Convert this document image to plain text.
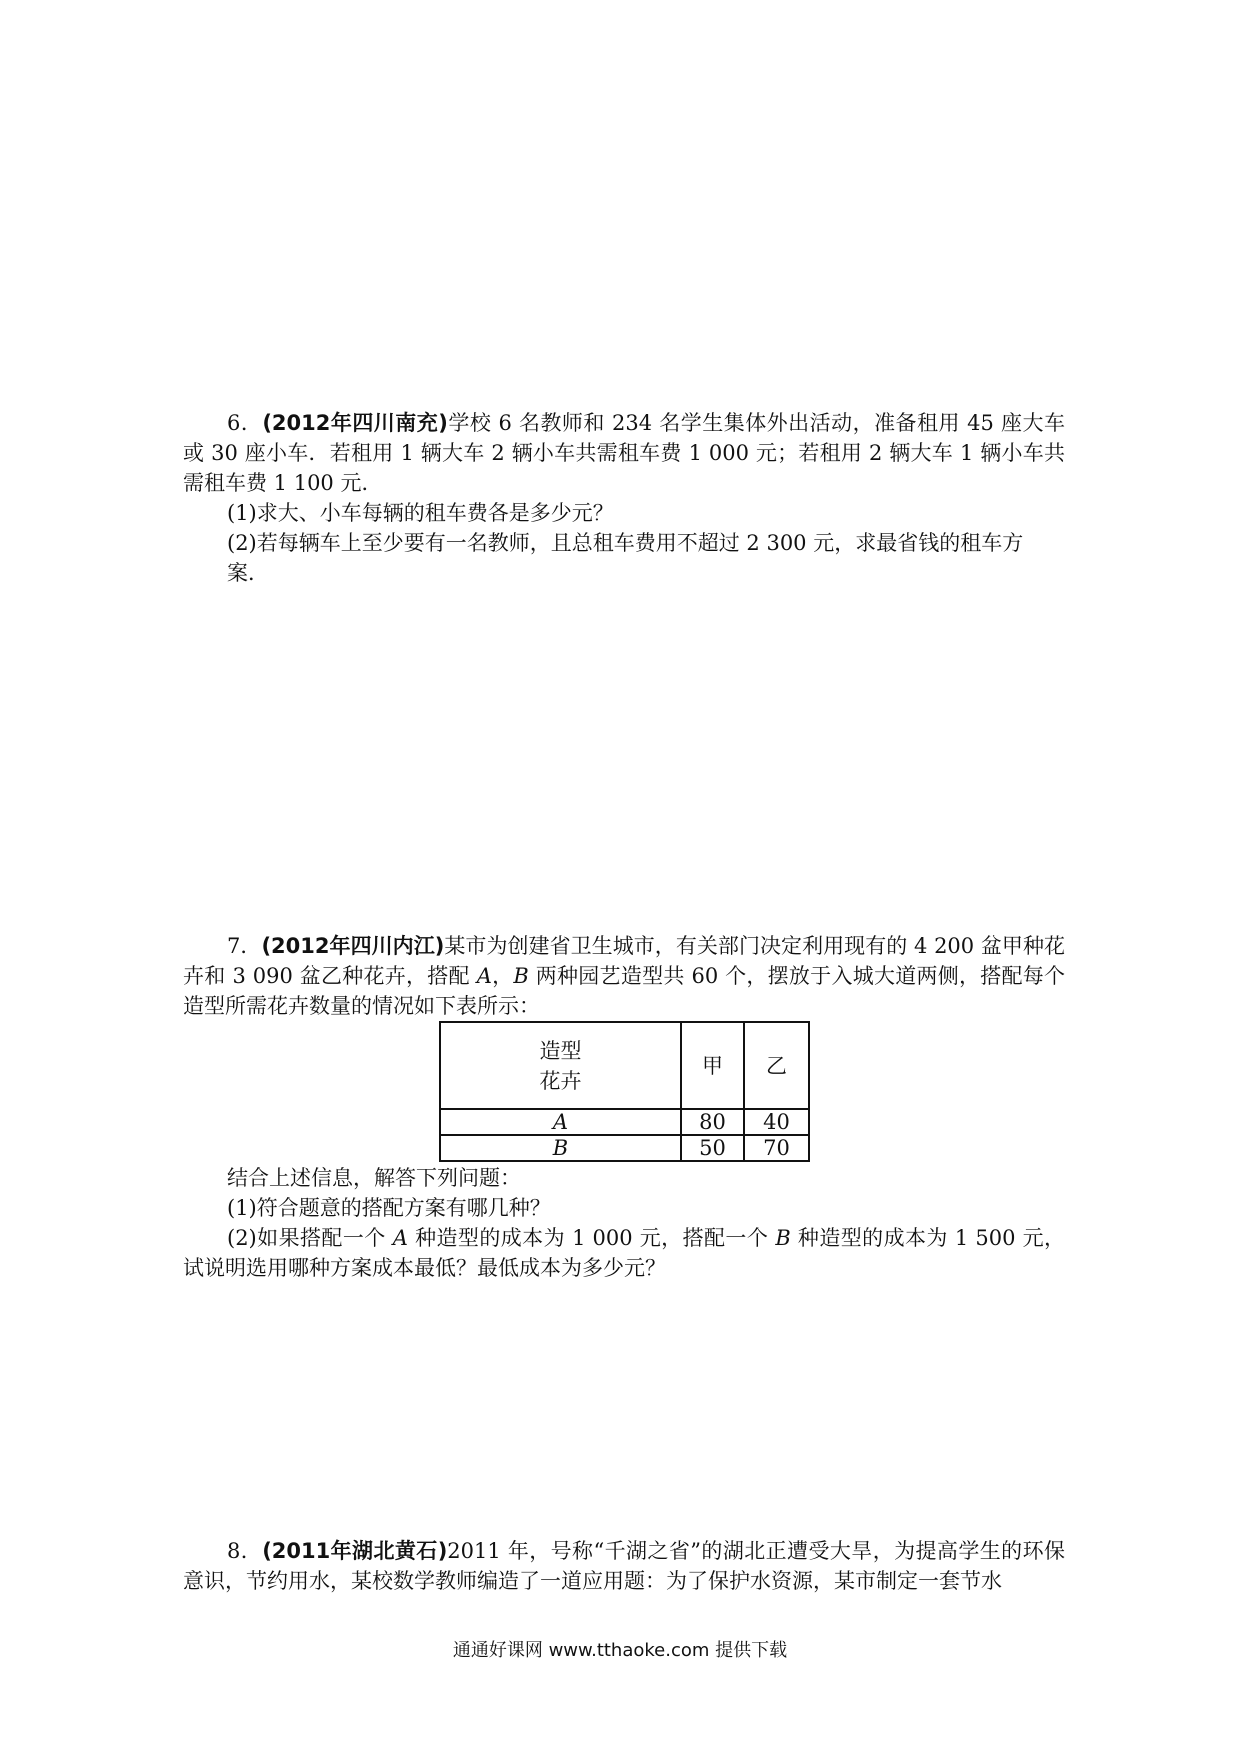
6．(2012年四川南充)学校 6 名教师和 234 名学生集体外出活动，准备租用 45 座大车或 30 座小车．若租用 1 辆大车 2 辆小车共需租车费 1 000 元；若租用 2 辆大车 1 辆小车共需租车费 1 100 元．

(1)求大、小车每辆的租车费各是多少元？

(2)若每辆车上至少要有一名教师，且总租车费用不超过 2 300 元，求最省钱的租车方案．

7．(2012年四川内江)某市为创建省卫生城市，有关部门决定利用现有的 4 200 盆甲种花卉和 3 090 盆乙种花卉，搭配 A，B 两种园艺造型共 60 个，摆放于入城大道两侧，搭配每个造型所需花卉数量的情况如下表所示：

造型
花卉	甲	乙
A	80	40
B	50	70

结合上述信息，解答下列问题：

(1)符合题意的搭配方案有哪几种？

(2)如果搭配一个 A 种造型的成本为 1 000 元，搭配一个 B 种造型的成本为 1 500 元，试说明选用哪种方案成本最低？最低成本为多少元？

8．(2011年湖北黄石)2011 年，号称“千湖之省”的湖北正遭受大旱，为提高学生的环保意识，节约用水，某校数学教师编造了一道应用题：为了保护水资源，某市制定一套节水

通通好课网 www.tthaoke.com 提供下载
